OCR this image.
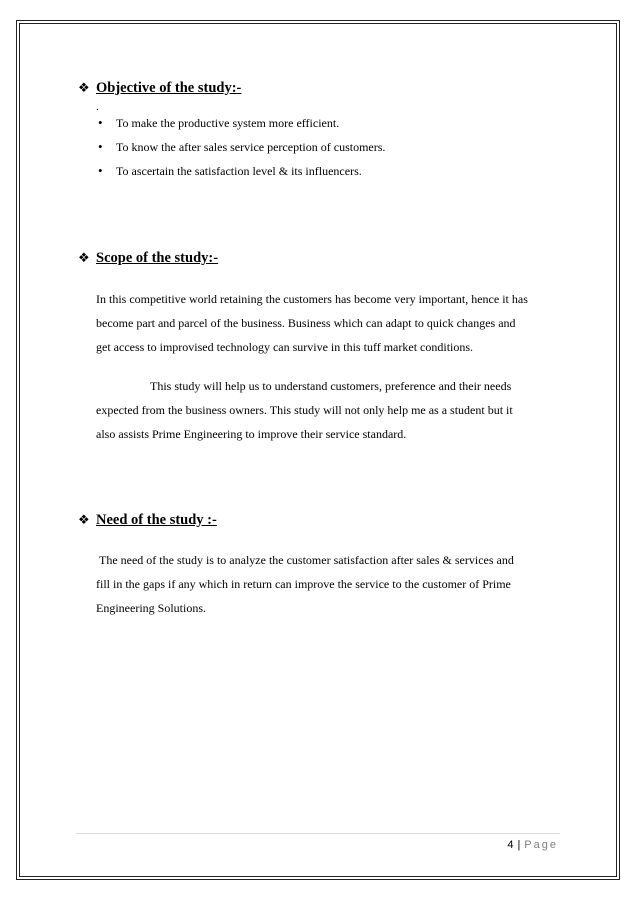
❖ Objective of the study:-
.
• To make the productive system more efficient.
• To know the after sales service perception of customers.
• To ascertain the satisfaction level & its influencers.
❖ Scope of the study:-
In this competitive world retaining the customers has become very important, hence it has
become part and parcel of the business. Business which can adapt to quick changes and
get access to improvised technology can survive in this tuff market conditions.
This study will help us to understand customers, preference and their needs
expected from the business owners. This study will not only help me as a student but it
also assists Prime Engineering to improve their service standard.
❖ Need of the study :-
The need of the study is to analyze the customer satisfaction after sales & services and
fill in the gaps if any which in return can improve the service to the customer of Prime
Engineering Solutions.
4 | Page
